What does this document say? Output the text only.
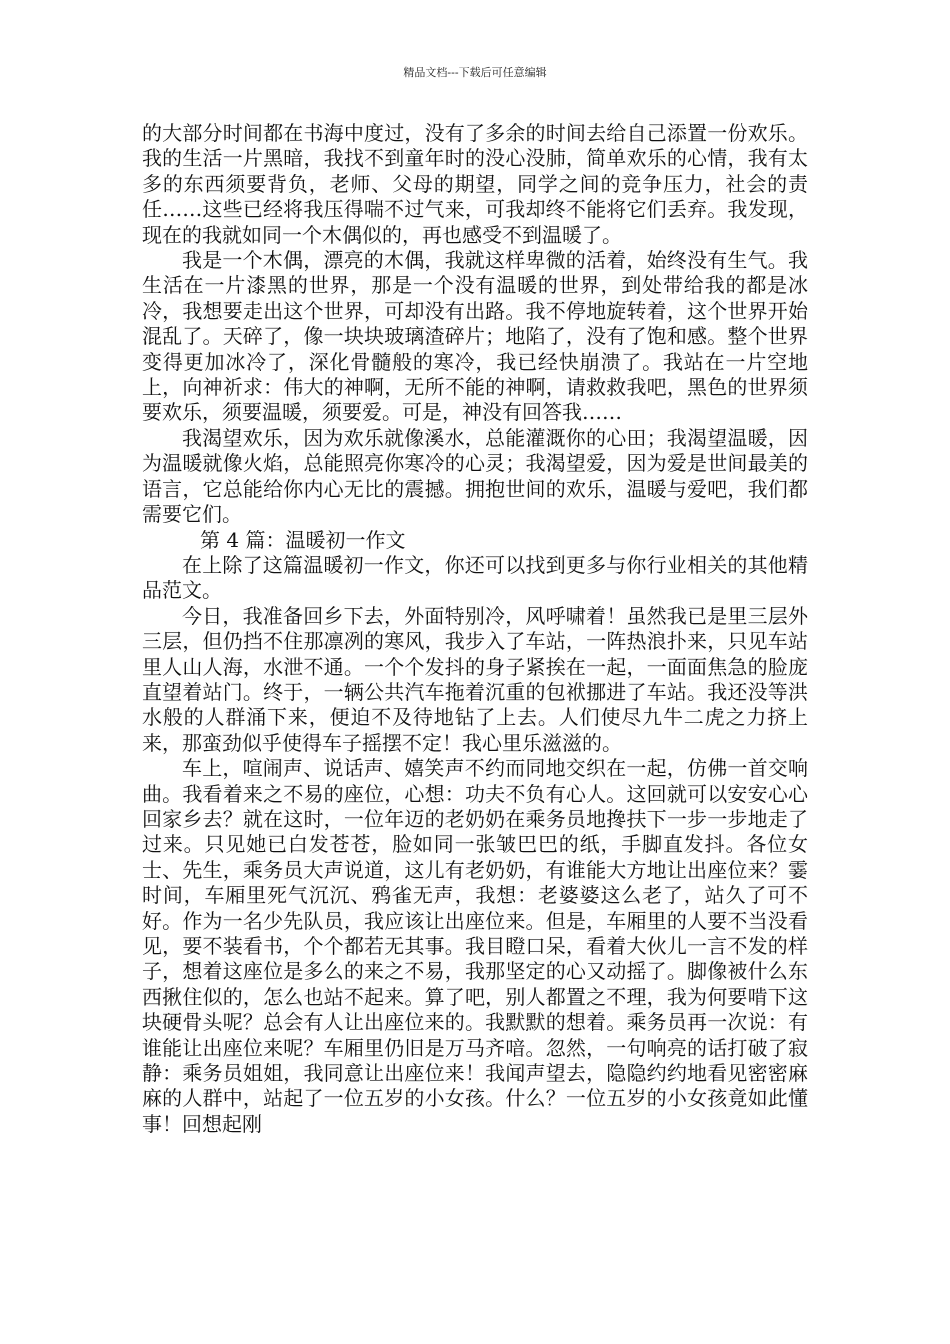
精品文档---下载后可任意编辑

的大部分时间都在书海中度过，没有了多余的时间去给自己添置一份欢乐。我的生活一片黑暗，我找不到童年时的没心没肺，简单欢乐的心情，我有太多的东西须要背负，老师、父母的期望，同学之间的竞争压力，社会的责任……这些已经将我压得喘不过气来，可我却终不能将它们丢弃。我发现，现在的我就如同一个木偶似的，再也感受不到温暖了。

我是一个木偶，漂亮的木偶，我就这样卑微的活着，始终没有生气。我生活在一片漆黑的世界，那是一个没有温暖的世界，到处带给我的都是冰冷，我想要走出这个世界，可却没有出路。我不停地旋转着，这个世界开始混乱了。天碎了，像一块块玻璃渣碎片；地陷了，没有了饱和感。整个世界变得更加冰冷了，深化骨髓般的寒冷，我已经快崩溃了。我站在一片空地上，向神祈求：伟大的神啊，无所不能的神啊，请救救我吧，黑色的世界须要欢乐，须要温暖，须要爱。可是，神没有回答我……

我渴望欢乐，因为欢乐就像溪水，总能灌溉你的心田；我渴望温暖，因为温暖就像火焰，总能照亮你寒冷的心灵；我渴望爱，因为爱是世间最美的语言，它总能给你内心无比的震撼。拥抱世间的欢乐，温暖与爱吧，我们都需要它们。

第 4 篇：温暖初一作文

在上除了这篇温暖初一作文，你还可以找到更多与你行业相关的其他精品范文。

今日，我准备回乡下去，外面特别冷，风呼啸着！虽然我已是里三层外三层，但仍挡不住那凛冽的寒风，我步入了车站，一阵热浪扑来，只见车站里人山人海，水泄不通。一个个发抖的身子紧挨在一起，一面面焦急的脸庞直望着站门。终于，一辆公共汽车拖着沉重的包袱挪进了车站。我还没等洪水般的人群涌下来，便迫不及待地钻了上去。人们使尽九牛二虎之力挤上来，那蛮劲似乎使得车子摇摆不定！我心里乐滋滋的。

车上，喧闹声、说话声、嬉笑声不约而同地交织在一起，仿佛一首交响曲。我看着来之不易的座位，心想：功夫不负有心人。这回就可以安安心心回家乡去？就在这时，一位年迈的老奶奶在乘务员地搀扶下一步一步地走了过来。只见她已白发苍苍，脸如同一张皱巴巴的纸，手脚直发抖。各位女士、先生，乘务员大声说道，这儿有老奶奶，有谁能大方地让出座位来？霎时间，车厢里死气沉沉、鸦雀无声，我想：老婆婆这么老了，站久了可不好。作为一名少先队员，我应该让出座位来。但是，车厢里的人要不当没看见，要不装看书，个个都若无其事。我目瞪口呆，看着大伙儿一言不发的样子，想着这座位是多么的来之不易，我那坚定的心又动摇了。脚像被什么东西揪住似的，怎么也站不起来。算了吧，别人都置之不理，我为何要啃下这块硬骨头呢？总会有人让出座位来的。我默默的想着。乘务员再一次说：有谁能让出座位来呢？车厢里仍旧是万马齐喑。忽然，一句响亮的话打破了寂静：乘务员姐姐，我同意让出座位来！我闻声望去，隐隐约约地看见密密麻麻的人群中，站起了一位五岁的小女孩。什么？一位五岁的小女孩竟如此懂事！回想起刚
